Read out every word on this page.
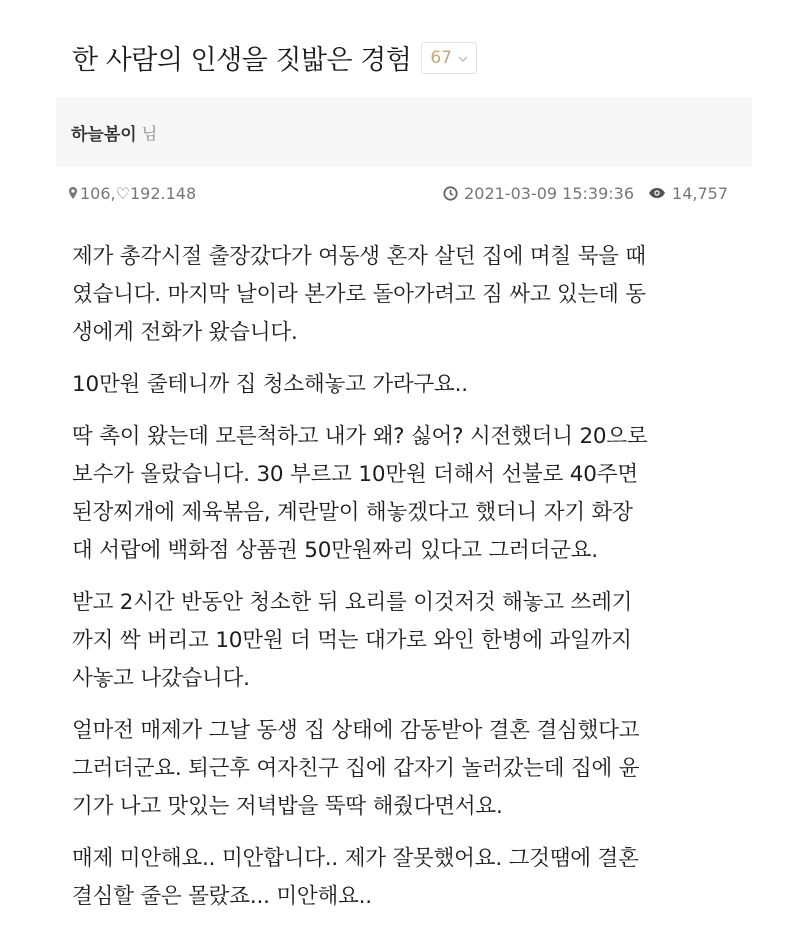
한 사람의 인생을 짓밟은 경험 67
하늘봄이 님
106,♡192.148	2021-03-09 15:39:36 14,757
제가 총각시절 출장갔다가 여동생 혼자 살던 집에 며칠 묵을 때
였습니다. 마지막 날이라 본가로 돌아가려고 짐 싸고 있는데 동
생에게 전화가 왔습니다.
10만원 줄테니까 집 청소해놓고 가라구요..
딱 촉이 왔는데 모른척하고 내가 왜? 싫어? 시전했더니 20으로
보수가 올랐습니다. 30 부르고 10만원 더해서 선불로 40주면
된장찌개에 제육볶음, 계란말이 해놓겠다고 했더니 자기 화장
대 서랍에 백화점 상품권 50만원짜리 있다고 그러더군요.
받고 2시간 반동안 청소한 뒤 요리를 이것저것 해놓고 쓰레기
까지 싹 버리고 10만원 더 먹는 대가로 와인 한병에 과일까지
사놓고 나갔습니다.
얼마전 매제가 그날 동생 집 상태에 감동받아 결혼 결심했다고
그러더군요. 퇴근후 여자친구 집에 갑자기 놀러갔는데 집에 윤
기가 나고 맛있는 저녁밥을 뚝딱 해줬다면서요.
매제 미안해요.. 미안합니다.. 제가 잘못했어요. 그것땜에 결혼
결심할 줄은 몰랐죠... 미안해요..
